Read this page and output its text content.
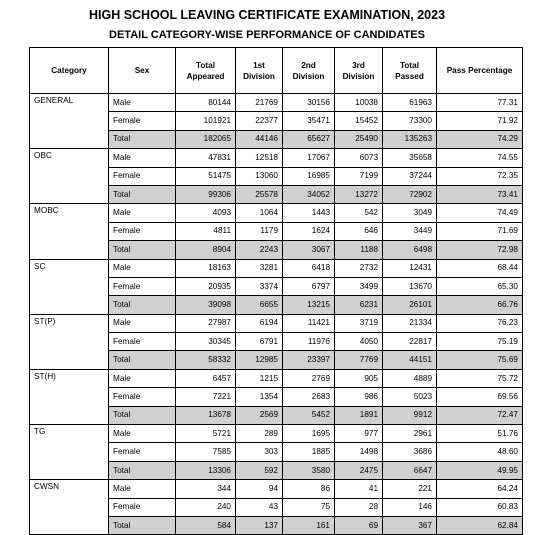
HIGH SCHOOL LEAVING CERTIFICATE EXAMINATION, 2023
DETAIL CATEGORY-WISE PERFORMANCE OF CANDIDATES
Category	Sex	Total Appeared	1st Division	2nd Division	3rd Division	Total Passed	Pass Percentage
GENERAL	Male	80144	21769	30156	10038	61963	77.31
	Female	101921	22377	35471	15452	73300	71.92
	Total	182065	44146	65627	25490	135263	74.29
OBC	Male	47831	12518	17067	6073	35658	74.55
	Female	51475	13060	16985	7199	37244	72.35
	Total	99306	25578	34052	13272	72902	73.41
MOBC	Male	4093	1064	1443	542	3049	74.49
	Female	4811	1179	1624	646	3449	71.69
	Total	8904	2243	3067	1188	6498	72.98
SC	Male	18163	3281	6418	2732	12431	68.44
	Female	20935	3374	6797	3499	13670	65.30
	Total	39098	6655	13215	6231	26101	66.76
ST(P)	Male	27987	6194	11421	3719	21334	76.23
	Female	30345	6791	11976	4050	22817	75.19
	Total	58332	12985	23397	7769	44151	75.69
ST(H)	Male	6457	1215	2769	905	4889	75.72
	Female	7221	1354	2683	986	5023	69.56
	Total	13678	2569	5452	1891	9912	72.47
TG	Male	5721	289	1695	977	2961	51.76
	Female	7585	303	1885	1498	3686	48.60
	Total	13306	592	3580	2475	6647	49.95
CWSN	Male	344	94	86	41	221	64.24
	Female	240	43	75	28	146	60.83
	Total	584	137	161	69	367	62.84
